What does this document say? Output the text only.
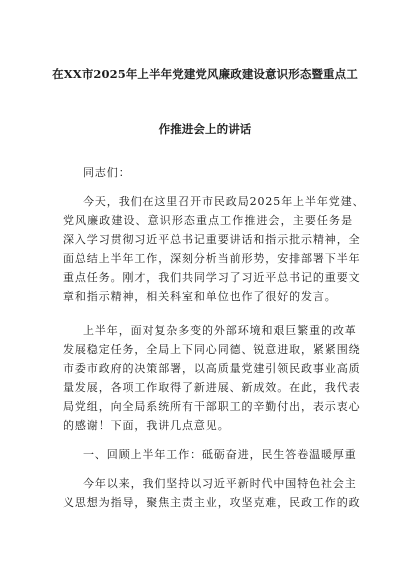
在XX市2025年上半年党建党风廉政建设意识形态暨重点工
作推进会上的讲话
同志们：
今天，我们在这里召开市民政局2025年上半年党建、
党风廉政建设、意识形态重点工作推进会，主要任务是
深入学习贯彻习近平总书记重要讲话和指示批示精神，全
面总结上半年工作，深刻分析当前形势，安排部署下半年
重点任务。刚才，我们共同学习了习近平总书记的重要文
章和指示精神，相关科室和单位也作了很好的发言。
上半年，面对复杂多变的外部环境和艰巨繁重的改革
发展稳定任务，全局上下同心同德、锐意进取，紧紧围绕
市委市政府的决策部署，以高质量党建引领民政事业高质
量发展，各项工作取得了新进展、新成效。在此，我代表
局党组，向全局系统所有干部职工的辛勤付出，表示衷心
的感谢！下面，我讲几点意见。
一、回顾上半年工作：砥砺奋进，民生答卷温暖厚重
今年以来，我们坚持以习近平新时代中国特色社会主
义思想为指导，聚焦主责主业，攻坚克难，民政工作的政
